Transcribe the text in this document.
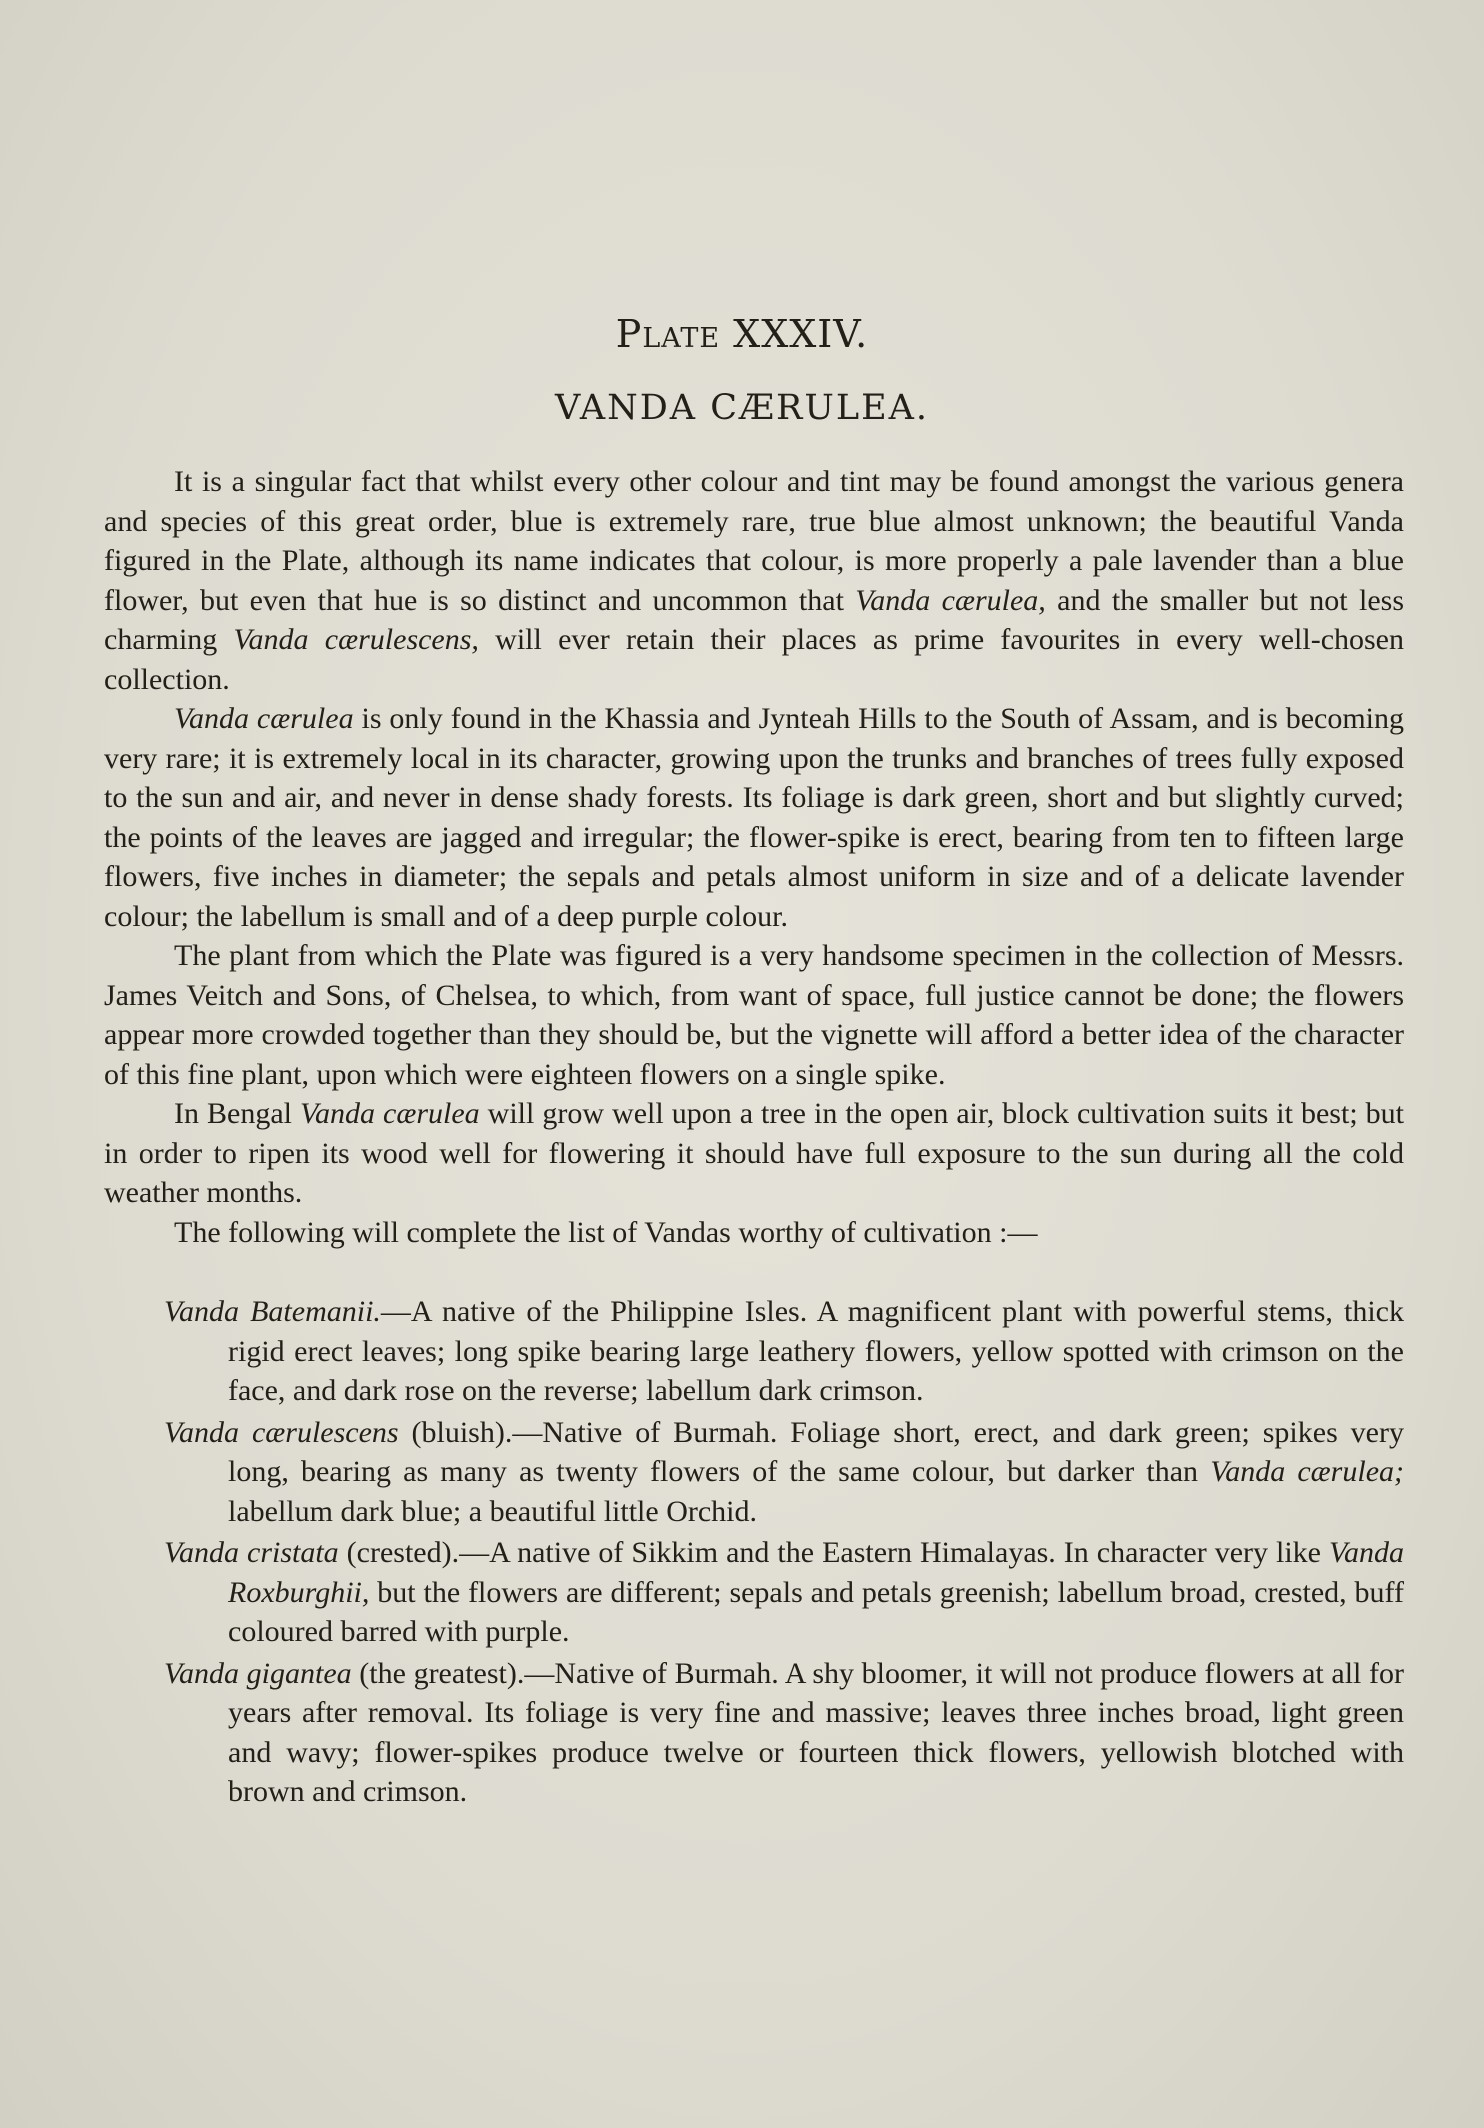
Plate XXXIV.
VANDA CÆRULEA.

It is a singular fact that whilst every other colour and tint may be found amongst the various genera and species of this great order, blue is extremely rare, true blue almost unknown; the beautiful Vanda figured in the Plate, although its name indicates that colour, is more properly a pale lavender than a blue flower, but even that hue is so distinct and uncommon that Vanda cærulea, and the smaller but not less charming Vanda cærulescens, will ever retain their places as prime favourites in every well-chosen collection.

Vanda cærulea is only found in the Khassia and Jynteah Hills to the South of Assam, and is becoming very rare; it is extremely local in its character, growing upon the trunks and branches of trees fully exposed to the sun and air, and never in dense shady forests. Its foliage is dark green, short and but slightly curved; the points of the leaves are jagged and irregular; the flower-spike is erect, bearing from ten to fifteen large flowers, five inches in diameter; the sepals and petals almost uniform in size and of a delicate lavender colour; the labellum is small and of a deep purple colour.

The plant from which the Plate was figured is a very handsome specimen in the collection of Messrs. James Veitch and Sons, of Chelsea, to which, from want of space, full justice cannot be done; the flowers appear more crowded together than they should be, but the vignette will afford a better idea of the character of this fine plant, upon which were eighteen flowers on a single spike.

In Bengal Vanda cærulea will grow well upon a tree in the open air, block cultivation suits it best; but in order to ripen its wood well for flowering it should have full exposure to the sun during all the cold weather months.

The following will complete the list of Vandas worthy of cultivation :—

Vanda Batemanii.—A native of the Philippine Isles. A magnificent plant with powerful stems, thick rigid erect leaves; long spike bearing large leathery flowers, yellow spotted with crimson on the face, and dark rose on the reverse; labellum dark crimson.
Vanda cærulescens (bluish).—Native of Burmah. Foliage short, erect, and dark green; spikes very long, bearing as many as twenty flowers of the same colour, but darker than Vanda cærulea; labellum dark blue; a beautiful little Orchid.
Vanda cristata (crested).—A native of Sikkim and the Eastern Himalayas. In character very like Vanda Roxburghii, but the flowers are different; sepals and petals greenish; labellum broad, crested, buff coloured barred with purple.
Vanda gigantea (the greatest).—Native of Burmah. A shy bloomer, it will not produce flowers at all for years after removal. Its foliage is very fine and massive; leaves three inches broad, light green and wavy; flower-spikes produce twelve or fourteen thick flowers, yellowish blotched with brown and crimson.
